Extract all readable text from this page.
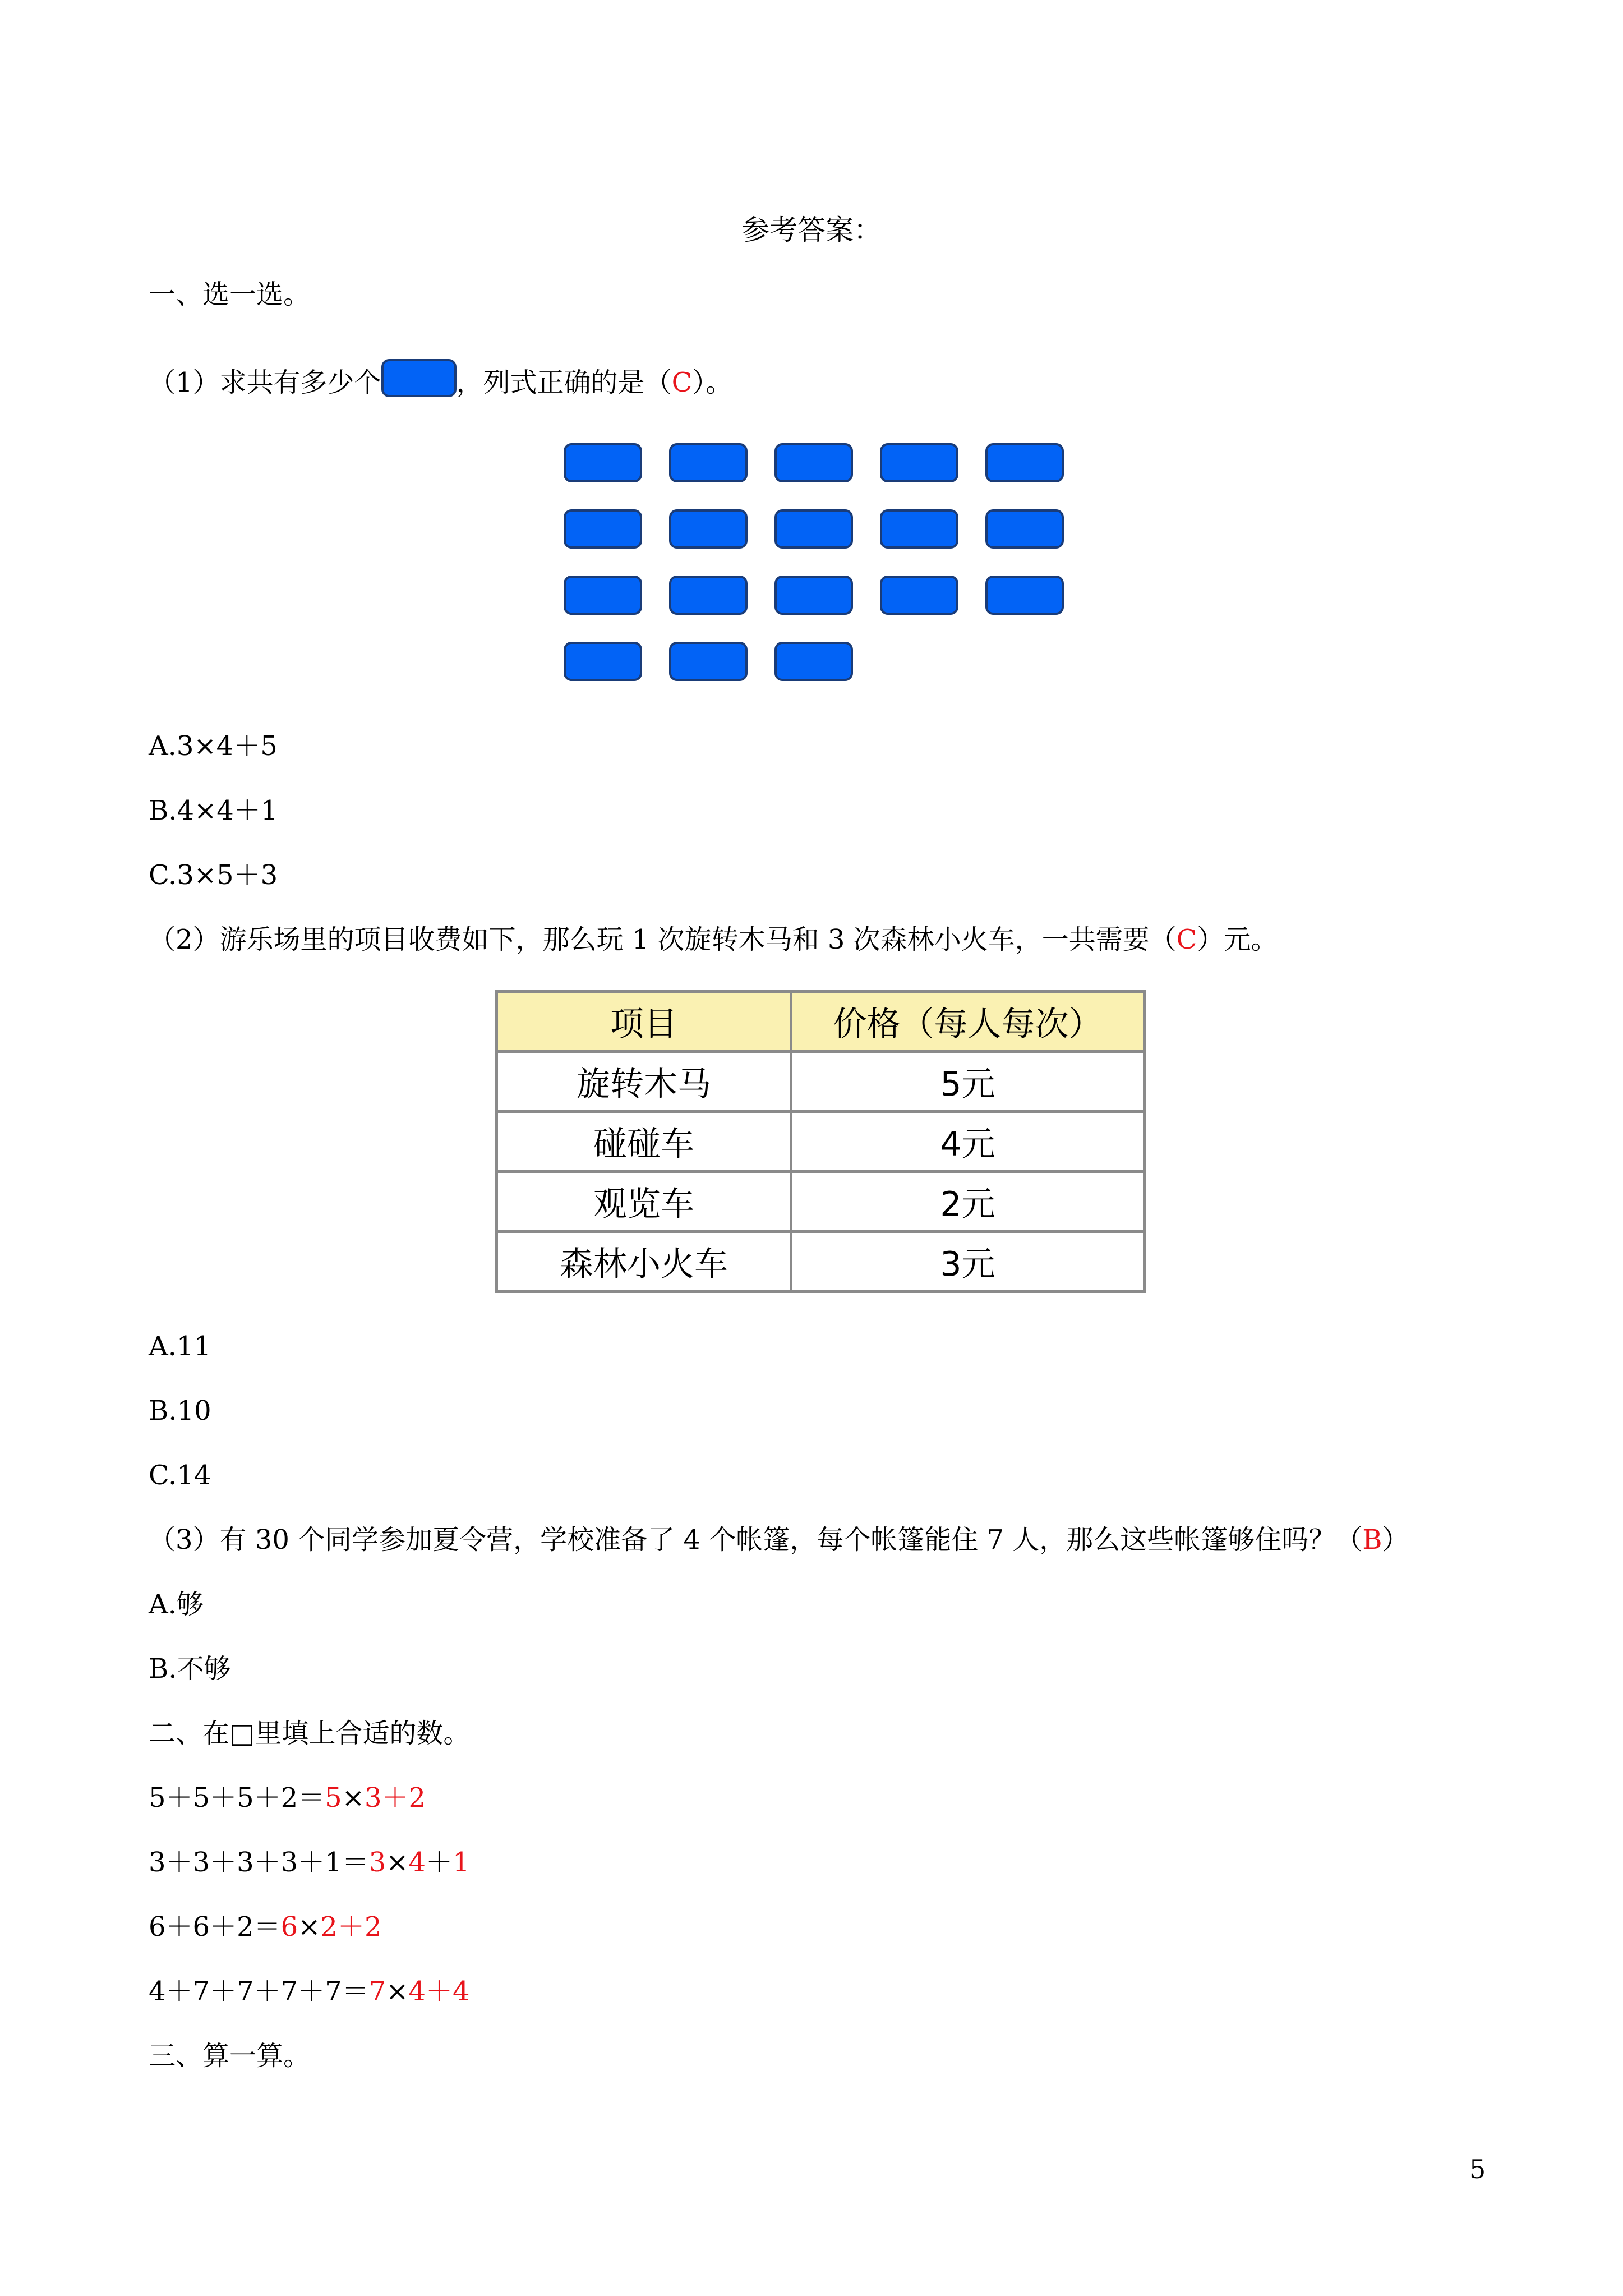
参考答案：
一、选一选。
（1）求共有多少个	，列式正确的是（C）。
A.3×4＋5
B.4×4＋1
C.3×5＋3
（2）游乐场里的项目收费如下，那么玩 1 次旋转木马和 3 次森林小火车，一共需要（C）元。
项目	价格（每人每次）
旋转木马	5元
碰碰车	4元
观览车	2元
森林小火车	3元
A.11
B.10
C.14
（3）有 30 个同学参加夏令营，学校准备了 4 个帐篷，每个帐篷能住 7 人，那么这些帐篷够住吗？（B）
A.够
B.不够
二、在□里填上合适的数。
5＋5＋5＋2＝5×3＋2
3＋3＋3＋3＋1＝3×4＋1
6＋6＋2＝6×2＋2
4＋7＋7＋7＋7＝7×4＋4
三、算一算。
5
